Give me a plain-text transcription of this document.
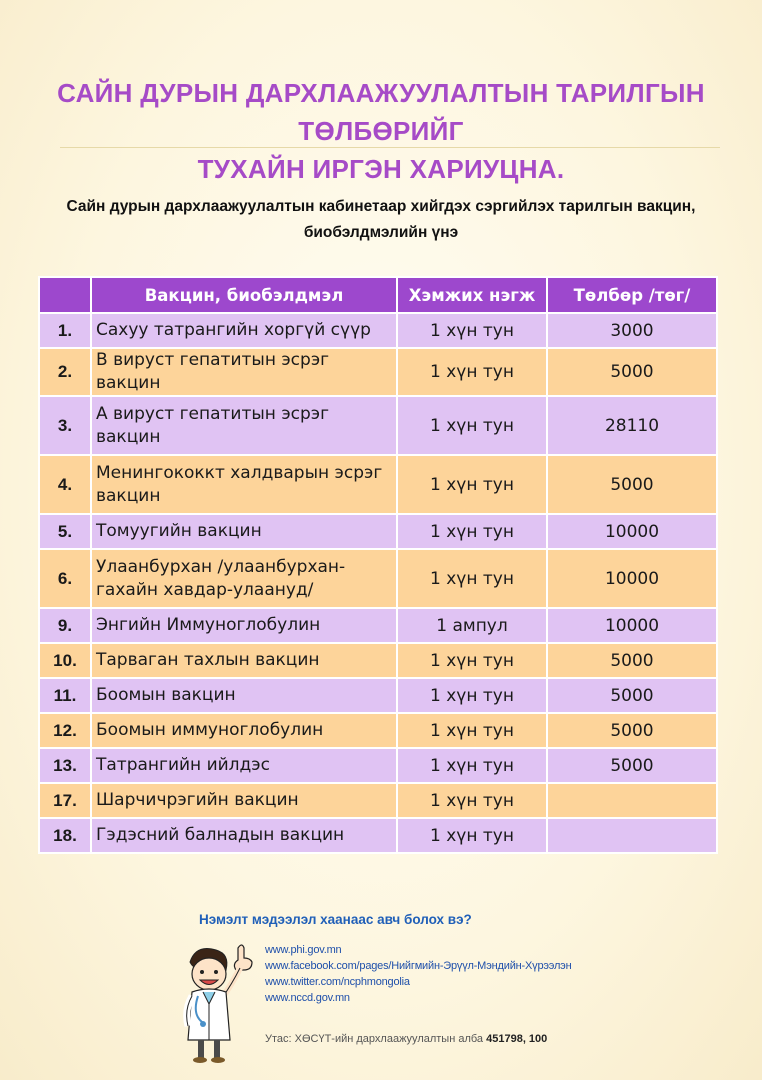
САЙН ДУРЫН ДАРХЛААЖУУЛАЛТЫН ТАРИЛГЫН ТӨЛБӨРИЙГ
ТУХАЙН ИРГЭН ХАРИУЦНА.
Сайн дурын дархлаажуулалтын кабинетаар хийгдэх сэргийлэх тарилгын вакцин,
биобэлдмэлийн үнэ
	Вакцин, биобэлдмэл	Хэмжих нэгж	Төлбөр /төг/
1.	Сахуу татрангийн хоргүй сүүр	1 хүн тун	3000
2.	В вируст гепатитын эсрэг вакцин	1 хүн тун	5000
3.	А вируст гепатитын эсрэг вакцин	1 хүн тун	28110
4.	Менингококкт халдварын эсрэг вакцин	1 хүн тун	5000
5.	Томуугийн вакцин	1 хүн тун	10000
6.	Улаанбурхан /улаанбурхан-гахайн хавдар-улаануд/	1 хүн тун	10000
9.	Энгийн Иммуноглобулин	1 ампул	10000
10.	Тарваган тахлын вакцин	1 хүн тун	5000
11.	Боомын вакцин	1 хүн тун	5000
12.	Боомын иммуноглобулин	1 хүн тун	5000
13.	Татрангийн ийлдэс	1 хүн тун	5000
17.	Шарчичрэгийн вакцин	1 хүн тун	
18.	Гэдэсний балнадын вакцин	1 хүн тун	
Нэмэлт мэдээлэл хаанаас авч болох вэ?
www.phi.gov.mn
www.facebook.com/pages/Нийгмийн-Эрүүл-Мэндийн-Хүрээлэн
www.twitter.com/ncphmongolia
www.nccd.gov.mn
Утас: ХӨСҮТ-ийн дархлаажуулалтын алба 451798, 100
